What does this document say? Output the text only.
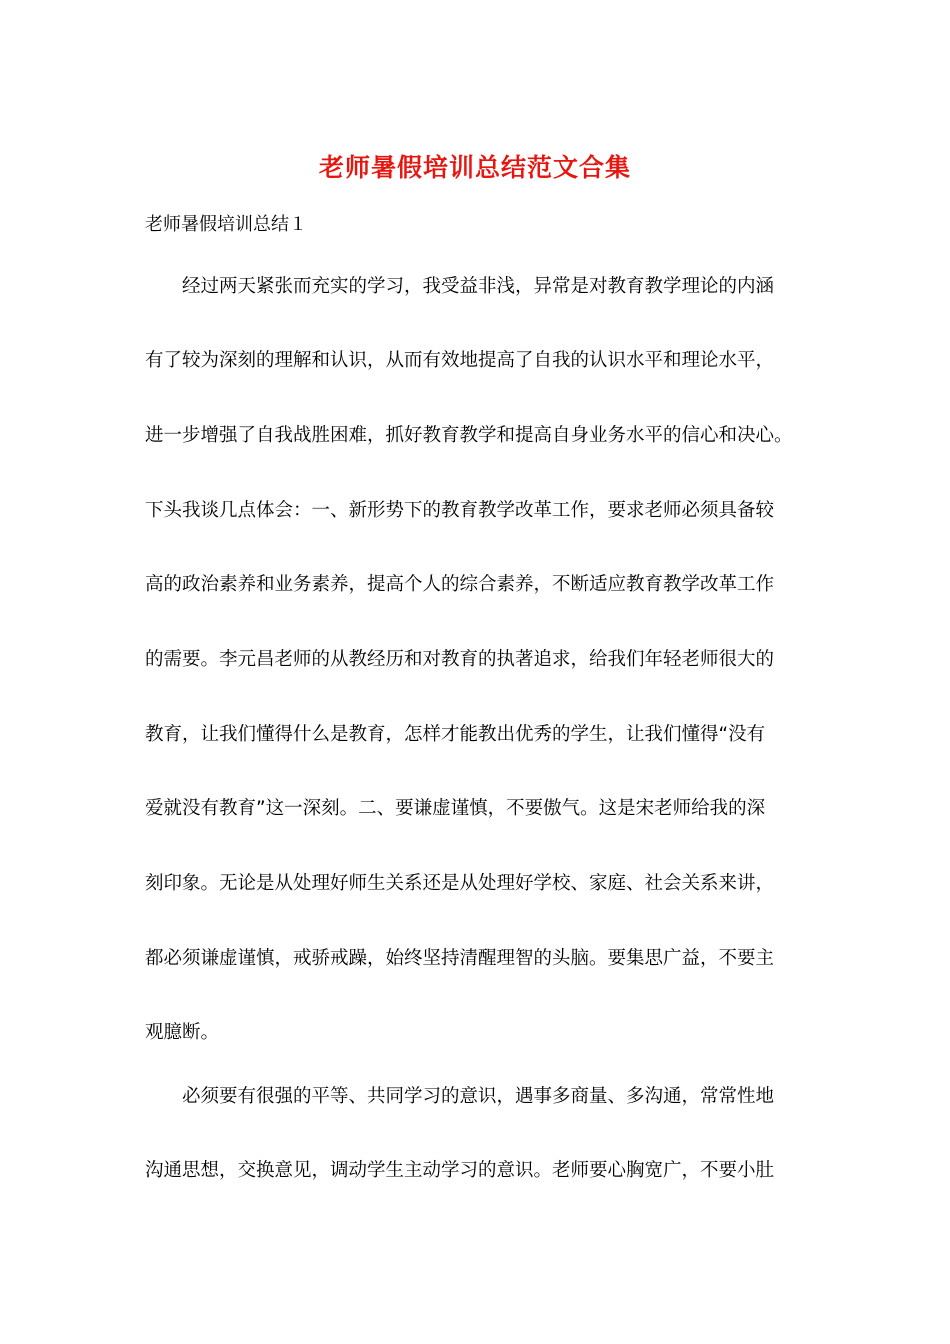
老师暑假培训总结范文合集
老师暑假培训总结１
经过两天紧张而充实的学习，我受益非浅，异常是对教育教学理论的内涵
有了较为深刻的理解和认识，从而有效地提高了自我的认识水平和理论水平，
进一步增强了自我战胜困难，抓好教育教学和提高自身业务水平的信心和决心。
下头我谈几点体会：一、新形势下的教育教学改革工作，要求老师必须具备较
高的政治素养和业务素养，提高个人的综合素养，不断适应教育教学改革工作
的需要。李元昌老师的从教经历和对教育的执著追求，给我们年轻老师很大的
教育，让我们懂得什么是教育，怎样才能教出优秀的学生，让我们懂得“没有
爱就没有教育”这一深刻。二、要谦虚谨慎，不要傲气。这是宋老师给我的深
刻印象。无论是从处理好师生关系还是从处理好学校、家庭、社会关系来讲，
都必须谦虚谨慎，戒骄戒躁，始终坚持清醒理智的头脑。要集思广益，不要主
观臆断。
必须要有很强的平等、共同学习的意识，遇事多商量、多沟通，常常性地
沟通思想，交换意见，调动学生主动学习的意识。老师要心胸宽广，不要小肚
